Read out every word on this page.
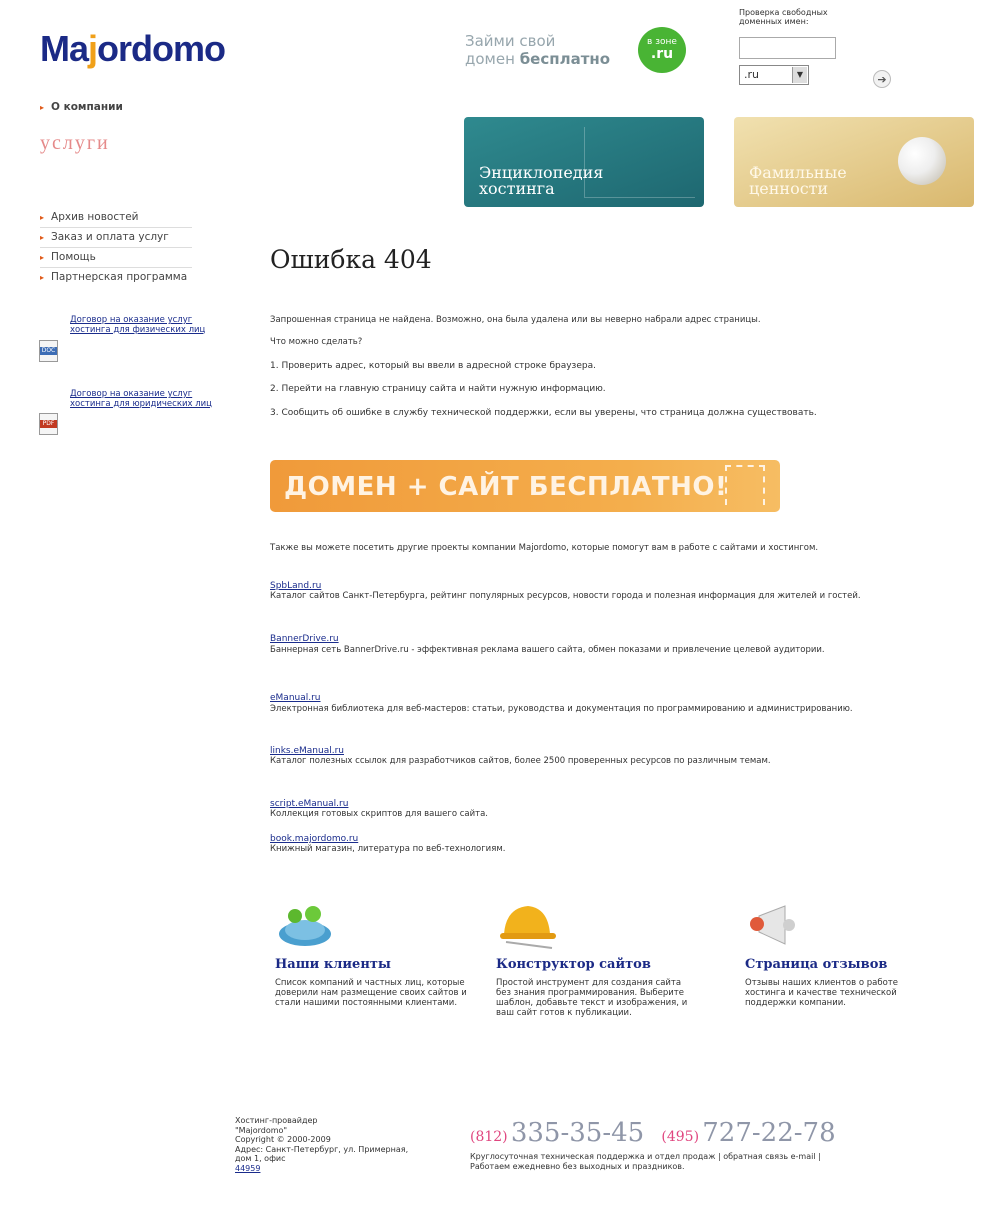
Majordomo
▸ О компании
услуги
▸ Архив новостей
▸ Заказ и оплата услуг
▸ Помощь
▸ Партнерская программа
DOC
Договор на оказание услуг хостинга для физических лиц
PDF
Договор на оказание услуг хостинга для юридических лиц
Займи свой
домен бесплатно
в зоне
.ru
Проверка свободных доменных имен:
.ru	▼	➔
Энциклопедия
хостинга
Фамильные
ценности
Ошибка 404
Запрошенная страница не найдена. Возможно, она была удалена или вы неверно набрали адрес страницы.
Что можно сделать?
1. Проверить адрес, который вы ввели в адресной строке браузера.
2. Перейти на главную страницу сайта и найти нужную информацию.
3. Сообщить об ошибке в службу технической поддержки, если вы уверены, что страница должна существовать.
ДОМЕН + САЙТ БЕСПЛАТНО!
Также вы можете посетить другие проекты компании Majordomo, которые помогут вам в работе с сайтами и хостингом.
SpbLand.ru
Каталог сайтов Санкт-Петербурга, рейтинг популярных ресурсов, новости города и полезная информация для жителей и гостей.
BannerDrive.ru
Баннерная сеть BannerDrive.ru - эффективная реклама вашего сайта, обмен показами и привлечение целевой аудитории.
eManual.ru
Электронная библиотека для веб-мастеров: статьи, руководства и документация по программированию и администрированию.
links.eManual.ru
Каталог полезных ссылок для разработчиков сайтов, более 2500 проверенных ресурсов по различным темам.
script.eManual.ru
Коллекция готовых скриптов для вашего сайта.
book.majordomo.ru
Книжный магазин, литература по веб-технологиям.
Наши клиенты
Список компаний и частных лиц, которые доверили нам размещение своих сайтов и стали нашими постоянными клиентами.
Конструктор сайтов
Простой инструмент для создания сайта без знания программирования. Выберите шаблон, добавьте текст и изображения, и ваш сайт готов к публикации.
Страница отзывов
Отзывы наших клиентов о работе хостинга и качестве технической поддержки компании.
Хостинг-провайдер
"Majordomo"
Copyright © 2000-2009
Адрес: Санкт-Петербург, ул. Примерная, дом 1, офис
44959
(812) 335-35-45 (495) 727-22-78
Круглосуточная техническая поддержка и отдел продаж | обратная связь e-mail |
Работаем ежедневно без выходных и праздников.
